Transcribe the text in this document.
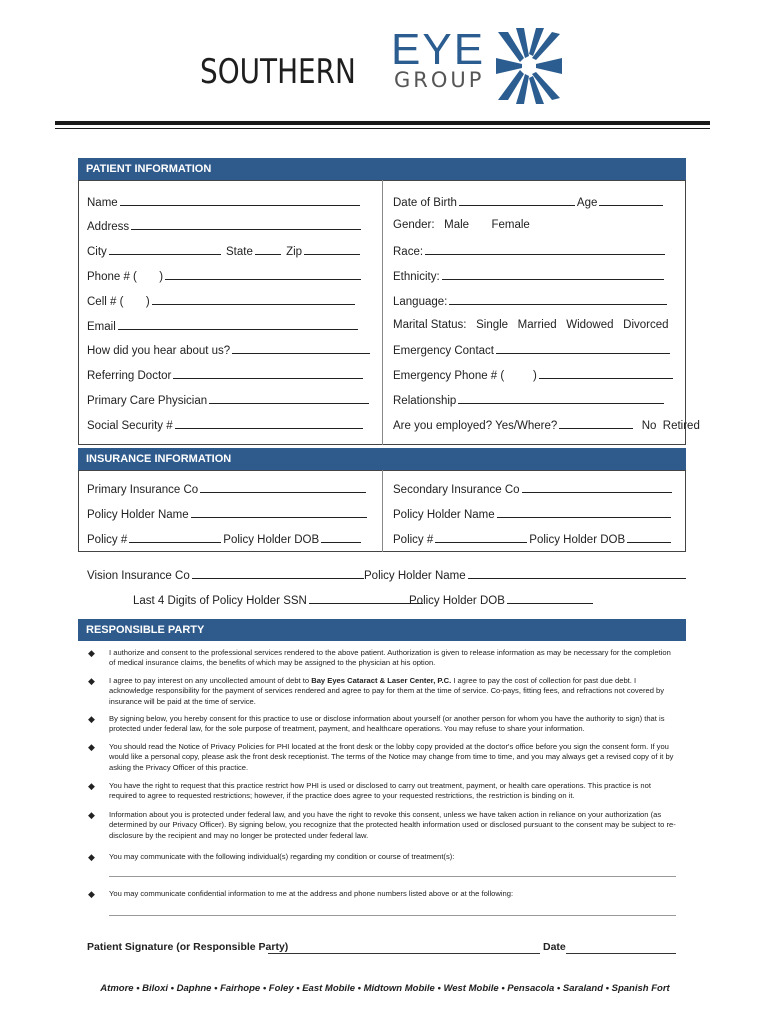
SOUTHERN EYE
GROUP
PATIENT INFORMATION
Name
Address
City	State	Zip
Phone # ( )
Cell # ( )
Email
How did you hear about us?
Referring Doctor
Primary Care Physician
Social Security #
Date of Birth	Age
Gender: Male Female
Race:
Ethnicity:
Language:
Marital Status: Single Married Widowed Divorced
Emergency Contact
Emergency Phone # (	)
Relationship
Are you employed? Yes/Where?	No Retired
INSURANCE INFORMATION
Primary Insurance Co
Policy Holder Name
Policy #	Policy Holder DOB
Secondary Insurance Co
Policy Holder Name
Policy #	Policy Holder DOB
Vision Insurance Co	Policy Holder Name
Last 4 Digits of Policy Holder SSN	Policy Holder DOB
RESPONSIBLE PARTY
◆ I authorize and consent to the professional services rendered to the above patient. Authorization is given to release information as may be necessary for the completion of medical insurance claims, the benefits of which may be assigned to the physician at his option.
◆ I agree to pay interest on any uncollected amount of debt to Bay Eyes Cataract & Laser Center, P.C. I agree to pay the cost of collection for past due debt. I acknowledge responsibility for the payment of services rendered and agree to pay for them at the time of service. Co-pays, fitting fees, and refractions not covered by insurance will be paid at the time of service.
◆ By signing below, you hereby consent for this practice to use or disclose information about yourself (or another person for whom you have the authority to sign) that is protected under federal law, for the sole purpose of treatment, payment, and healthcare operations. You may refuse to share your information.
◆ You should read the Notice of Privacy Policies for PHI located at the front desk or the lobby copy provided at the doctor's office before you sign the consent form. If you would like a personal copy, please ask the front desk receptionist. The terms of the Notice may change from time to time, and you may always get a revised copy of it by asking the Privacy Officer of this practice.
◆ You have the right to request that this practice restrict how PHI is used or disclosed to carry out treatment, payment, or health care operations. This practice is not required to agree to requested restrictions; however, if the practice does agree to your requested restrictions, the restriction is binding on it.
◆ Information about you is protected under federal law, and you have the right to revoke this consent, unless we have taken action in reliance on your authorization (as determined by our Privacy Officer). By signing below, you recognize that the protected health information used or disclosed pursuant to the consent may be subject to re-disclosure by the recipient and may no longer be protected under federal law.
◆ You may communicate with the following individual(s) regarding my condition or course of treatment(s):
◆ You may communicate confidential information to me at the address and phone numbers listed above or at the following:
Patient Signature (or Responsible Party)	Date
Atmore • Biloxi • Daphne • Fairhope • Foley • East Mobile • Midtown Mobile • West Mobile • Pensacola • Saraland • Spanish Fort
